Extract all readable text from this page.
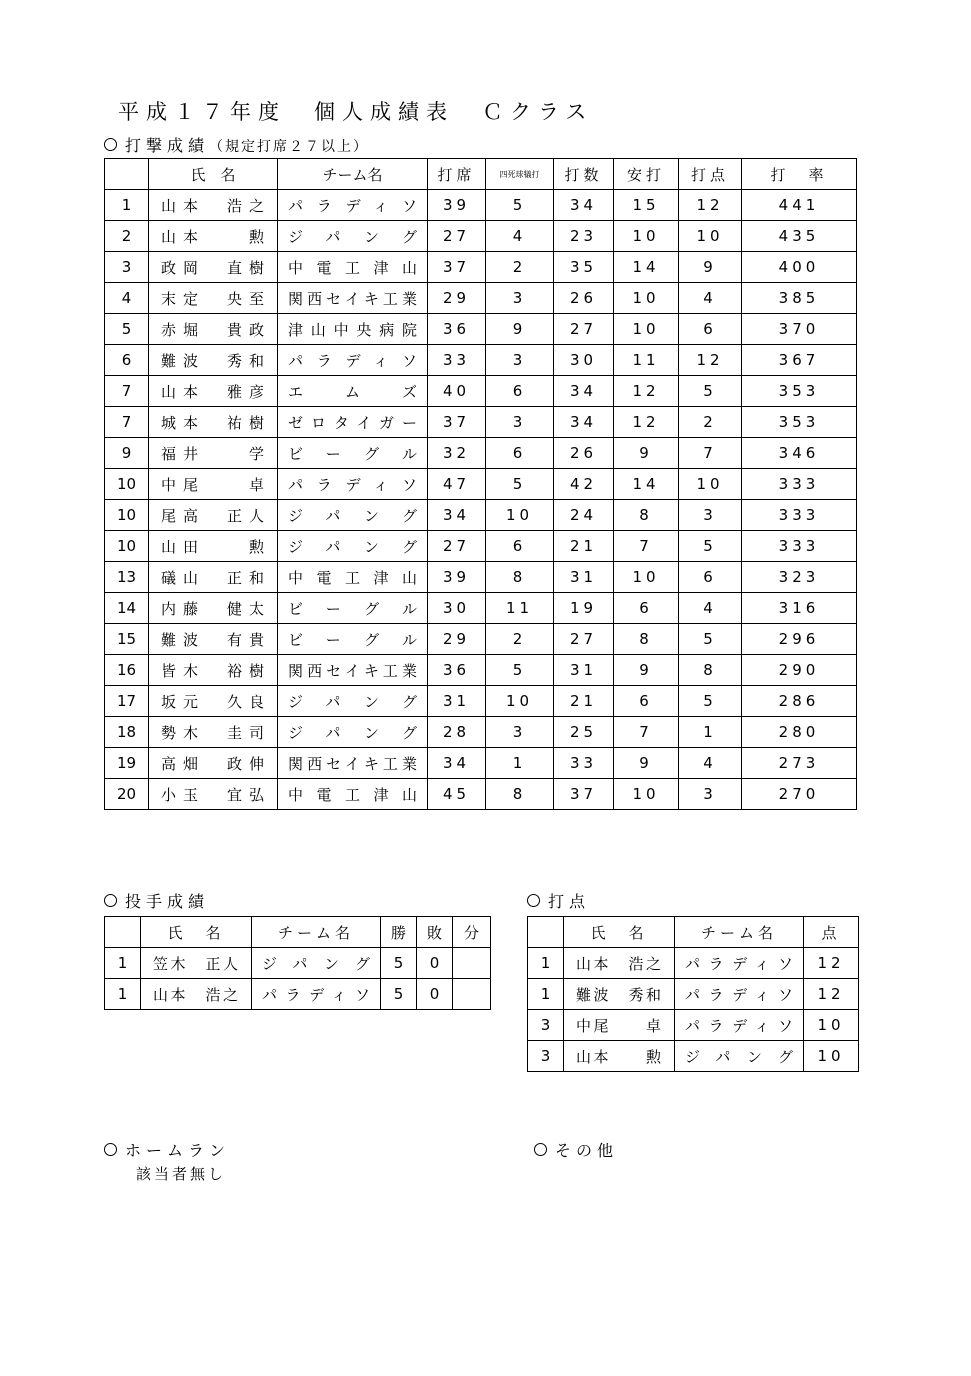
平成１７年度　個人成績表　Ｃクラス
打撃成績（規定打席２７以上）
	氏　名	チーム名	打席	四死球犠打	打数	安打	打点	打　率
1	山本　浩之	パラディソ	39	5	34	15	12	441
2	山本　　勲	ジパング	27	4	23	10	10	435
3	政岡　直樹	中電工津山	37	2	35	14	9	400
4	末定　央至	関西セイキ工業	29	3	26	10	4	385
5	赤堀　貴政	津山中央病院	36	9	27	10	6	370
6	難波　秀和	パラディソ	33	3	30	11	12	367
7	山本　雅彦	エムズ	40	6	34	12	5	353
7	城本　祐樹	ゼロタイガー	37	3	34	12	2	353
9	福井　　学	ビーグル	32	6	26	9	7	346
10	中尾　　卓	パラディソ	47	5	42	14	10	333
10	尾高　正人	ジパング	34	10	24	8	3	333
10	山田　　勲	ジパング	27	6	21	7	5	333
13	礒山　正和	中電工津山	39	8	31	10	6	323
14	内藤　健太	ビーグル	30	11	19	6	4	316
15	難波　有貴	ビーグル	29	2	27	8	5	296
16	皆木　裕樹	関西セイキ工業	36	5	31	9	8	290
17	坂元　久良	ジパング	31	10	21	6	5	286
18	勢木　圭司	ジパング	28	3	25	7	1	280
19	高畑　政伸	関西セイキ工業	34	1	33	9	4	273
20	小玉　宜弘	中電工津山	45	8	37	10	3	270
投手成績
	氏　名	チーム名	勝	敗	分
1	笠木　正人	ジパング	5	0	
1	山本　浩之	パラディソ	5	0	
打点
	氏　名	チーム名	点
1	山本　浩之	パラディソ	12
1	難波　秀和	パラディソ	12
3	中尾　　卓	パラディソ	10
3	山本　　勲	ジパング	10
ホームラン
該当者無し
その他
